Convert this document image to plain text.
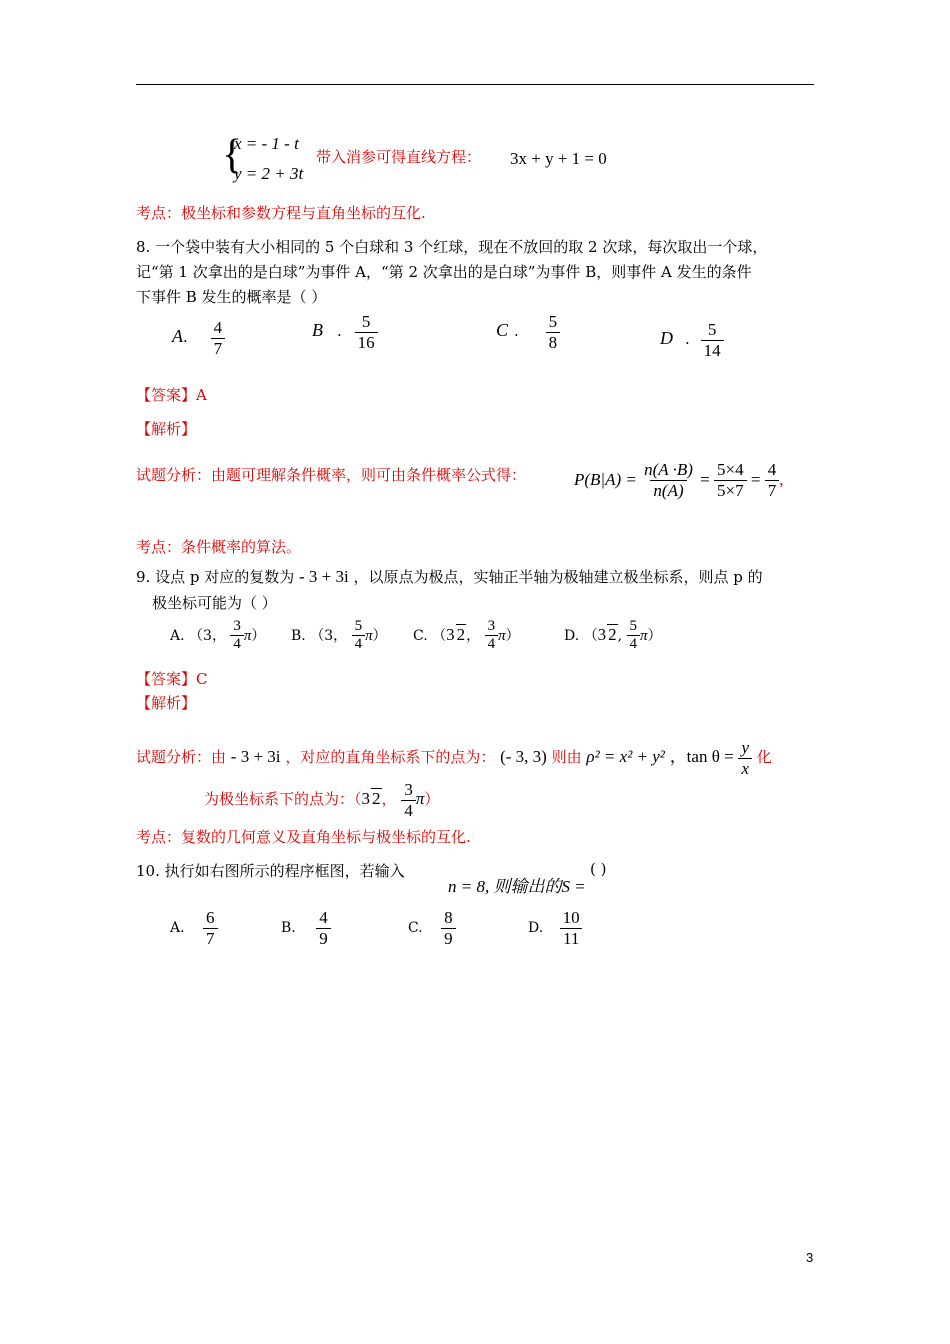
{
x = - 1 - t
y = 2 + 3t
带入消参可得直线方程： 3x + y + 1 = 0
考点：极坐标和参数方程与直角坐标的互化.
8. 一个袋中装有大小相同的 5 个白球和 3 个红球，现在不放回的取 2 次球，每次取出一个球，
记“第 1 次拿出的是白球”为事件 A，“第 2 次拿出的是白球”为事件 B，则事件 A 发生的条件
下事件 B 发生的概率是（ ）
A. $\frac{4}{7}$	B . $\frac{5}{16}$	C . $\frac{5}{8}$	D . $\frac{5}{14}$
【答案】A
【解析】
试题分析：由题可理解条件概率，则可由条件概率公式得：	$P(B|A) = \frac{n(A \cdot B)}{n(A)} = \frac{5\times 4}{5\times 7} = \frac{4}{7}$ ,
考点：条件概率的算法。
9. 设点 p 对应的复数为 - 3 + 3i ，以原点为极点，实轴正半轴为极轴建立极坐标系，则点 p 的
极坐标可能为（ ）
A. （3， $\frac{3}{4} \pi$） B. （3， $\frac{5}{4} \pi$） C. （3 2， $\frac{3}{4} \pi$）	D. （3 2, $\frac{5}{4} \pi$）
【答案】C
【解析】
试题分析：由 - 3 + 3i ，对应的直角坐标系下的点为： (- 3, 3) 则由 ρ² = x² + y² ，$\tan \theta = \frac{y}{x}$ 化
为极坐标系下的点为：（3 2， $\frac{3}{4} \pi$）
考点：复数的几何意义及直角坐标与极坐标的互化.
10. 执行如右图所示的程序框图，若输入
n = 8, 则输出的S =
( )
A. $\frac{6}{7}$	B. $\frac{4}{9}$	C. $\frac{8}{9}$	D. $\frac{10}{11}$
3
